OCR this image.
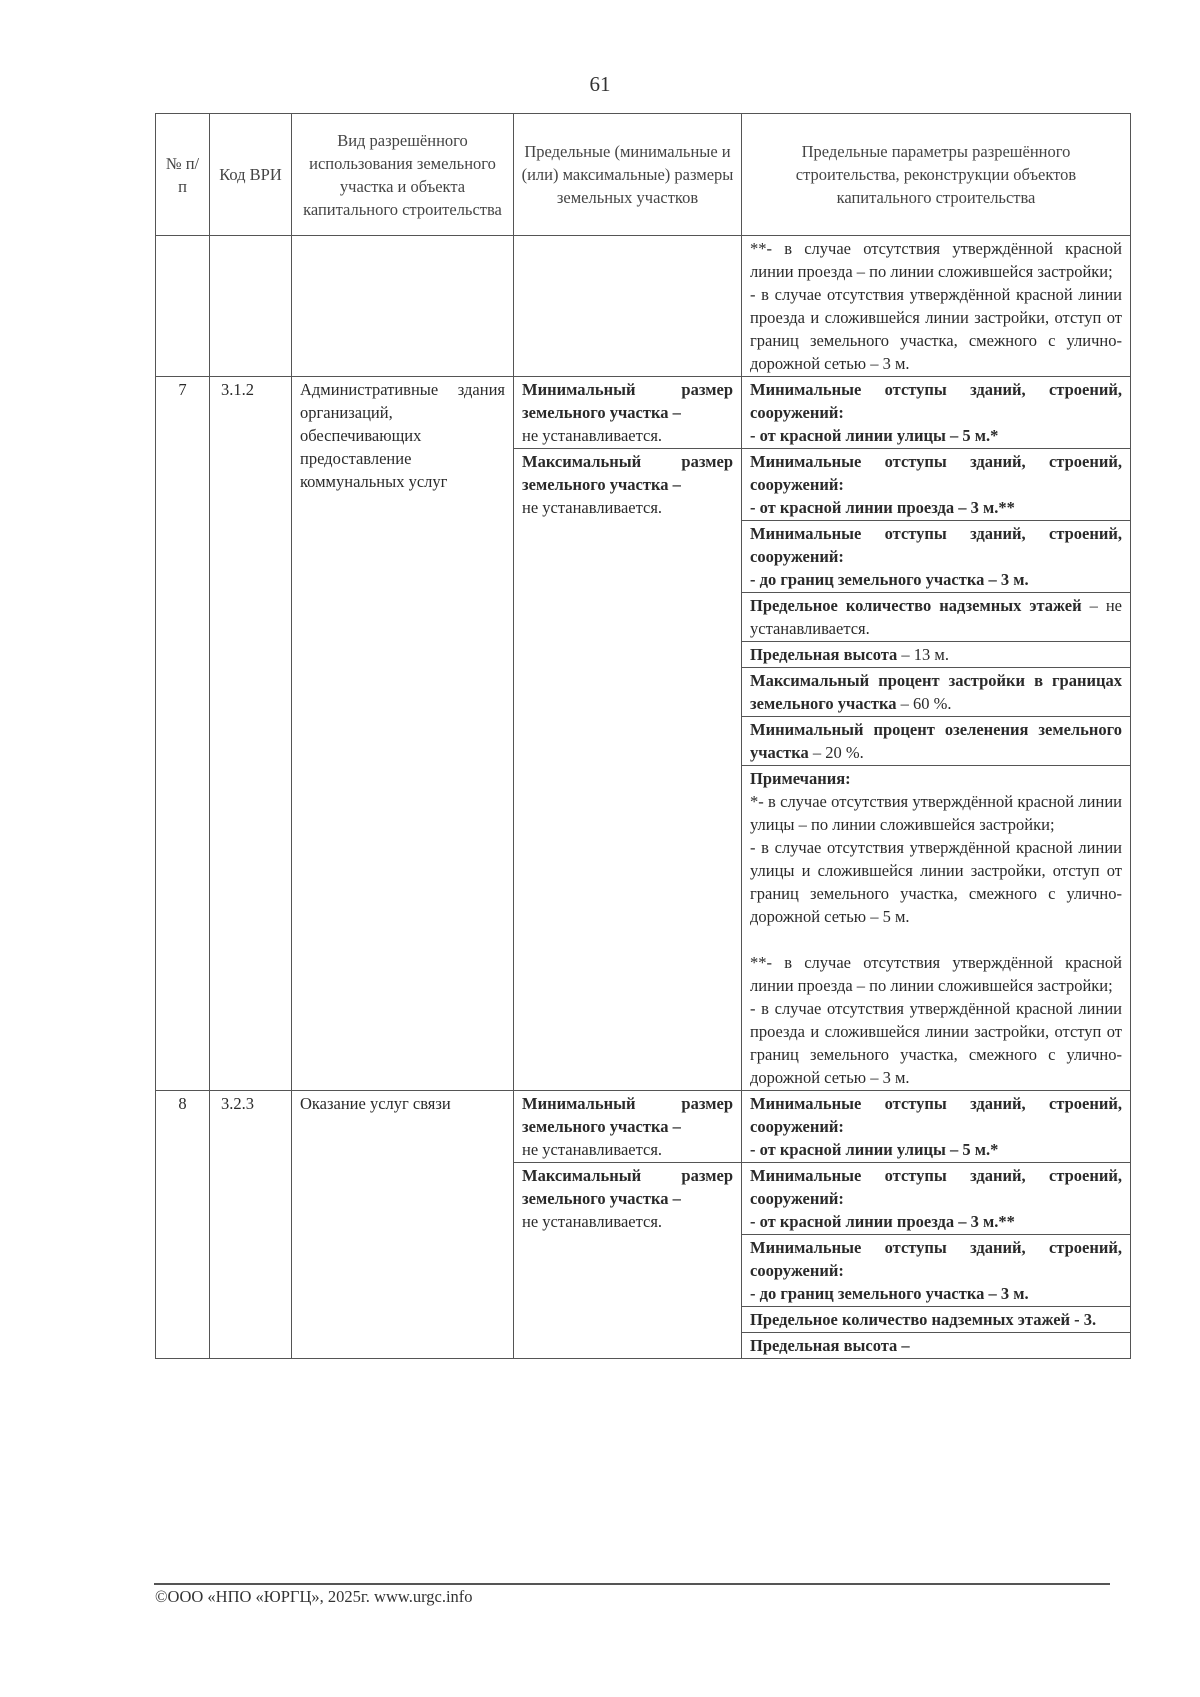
61
№ п/п	Код ВРИ	Вид разрешённого использования земельного участка и объекта капитального строительства	Предельные (минимальные и (или) максимальные) размеры земельных участков	Предельные параметры разрешённого строительства, реконструкции объектов капитального строительства
				**- в случае отсутствия утверждённой красной линии проезда – по линии сложившейся застройки;
- в случае отсутствия утверждённой красной линии проезда и сложившейся линии застройки, отступ от границ земельного участка, смежного с улично-дорожной сетью – 3 м.
7	3.1.2	Административные здания организаций, обеспечивающих предоставление коммунальных услуг	Минимальный размер земельного участка –
не устанавливается.	Минимальные отступы зданий, строений, сооружений:
- от красной линии улицы – 5 м.*
			Максимальный размер земельного участка –
не устанавливается.	Минимальные отступы зданий, строений, сооружений:
- от красной линии проезда – 3 м.**
				Минимальные отступы зданий, строений, сооружений:
- до границ земельного участка – 3 м.
				Предельное количество надземных этажей – не устанавливается.
				Предельная высота – 13 м.
				Максимальный процент застройки в границах земельного участка – 60 %.
				Минимальный процент озеленения земельного участка – 20 %.
				Примечания:
*- в случае отсутствия утверждённой красной линии улицы – по линии сложившейся застройки;
- в случае отсутствия утверждённой красной линии улицы и сложившейся линии застройки, отступ от границ земельного участка, смежного с улично-дорожной сетью – 5 м.

**- в случае отсутствия утверждённой красной линии проезда – по линии сложившейся застройки;
- в случае отсутствия утверждённой красной линии проезда и сложившейся линии застройки, отступ от границ земельного участка, смежного с улично-дорожной сетью – 3 м.

8	3.2.3	Оказание услуг связи	Минимальный размер земельного участка –
не устанавливается.	Минимальные отступы зданий, строений, сооружений:
- от красной линии улицы – 5 м.*
			Максимальный размер земельного участка –
не устанавливается.	Минимальные отступы зданий, строений, сооружений:
- от красной линии проезда – 3 м.**
				Минимальные отступы зданий, строений, сооружений:
- до границ земельного участка – 3 м.
				Предельное количество надземных этажей - 3.
				Предельная высота –
©ООО «НПО «ЮРГЦ», 2025г. www.urgc.info
